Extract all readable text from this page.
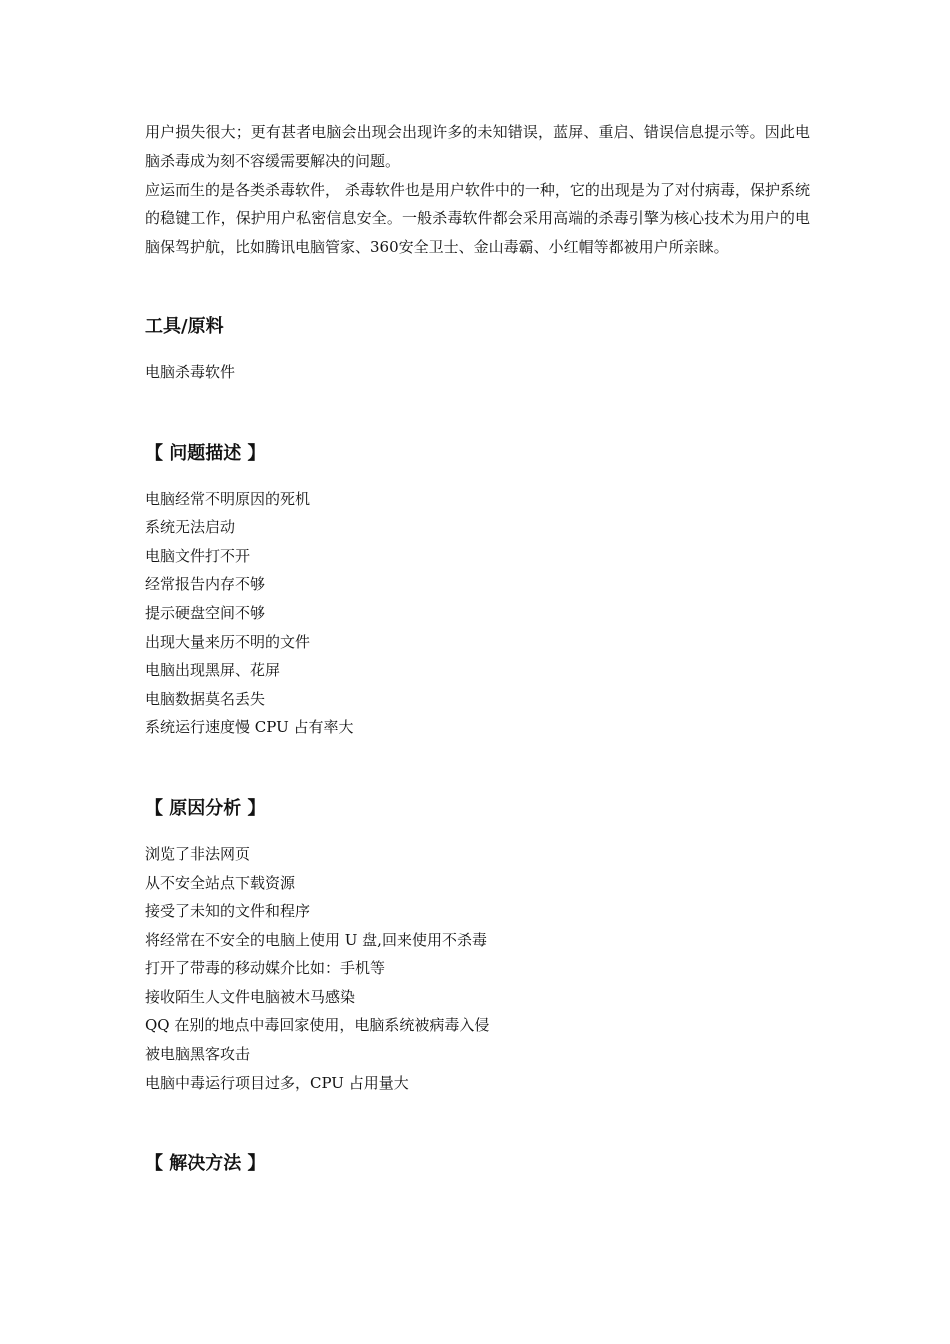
用户损失很大；更有甚者电脑会出现会出现许多的未知错误，蓝屏、重启、错误信息提示等。因此电脑杀毒成为刻不容缓需要解决的问题。

应运而生的是各类杀毒软件， 杀毒软件也是用户软件中的一种，它的出现是为了对付病毒，保护系统的稳键工作，保护用户私密信息安全。一般杀毒软件都会采用高端的杀毒引擎为核心技术为用户的电脑保驾护航，比如腾讯电脑管家、360安全卫士、金山毒霸、小红帽等都被用户所亲睐。

工具/原料

电脑杀毒软件

【 问题描述 】
电脑经常不明原因的死机
系统无法启动
电脑文件打不开
经常报告内存不够
提示硬盘空间不够
出现大量来历不明的文件
电脑出现黑屏、花屏
电脑数据莫名丢失
系统运行速度慢 CPU 占有率大
【 原因分析 】
浏览了非法网页
从不安全站点下载资源
接受了未知的文件和程序
将经常在不安全的电脑上使用 U 盘,回来使用不杀毒
打开了带毒的移动媒介比如：手机等
接收陌生人文件电脑被木马感染
QQ 在别的地点中毒回家使用，电脑系统被病毒入侵
被电脑黑客攻击
电脑中毒运行项目过多，CPU 占用量大
【 解决方法 】
